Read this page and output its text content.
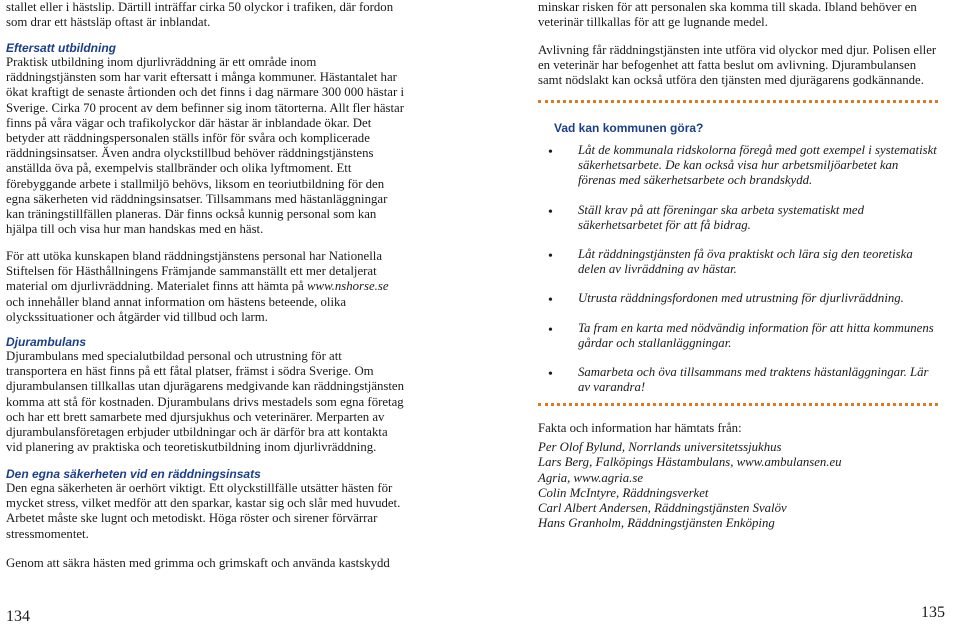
stallet eller i hästslip. Därtill inträffar cirka 50 olyckor i trafiken, där fordon

som drar ett hästsläp oftast är inblandat.

Eftersatt utbildning

Praktisk utbildning inom djurlivräddning är ett område inom räddningstjänsten som har varit eftersatt i många kommuner. Hästantalet har ökat kraftigt de senaste årtionden och det finns i dag närmare 300 000 hästar i Sverige. Cirka 70 procent av dem befinner sig inom tätorterna. Allt fler hästar finns på våra vägar och trafikolyckor där hästar är inblandade ökar. Det betyder att räddningspersonalen ställs inför för svåra och komplicerade räddningsinsatser. Även andra olyckstillbud behöver räddningstjänstens anställda öva på, exempelvis stallbränder och olika lyftmoment. Ett förebyggande arbete i stallmiljö behövs, liksom en teoriutbildning för den egna säkerheten vid räddningsinsatser. Tillsammans med hästanläggningar kan träningstillfällen planeras. Där finns också kunnig personal som kan hjälpa till och visa hur man handskas med en häst.

För att utöka kunskapen bland räddningstjänstens personal har Nationella Stiftelsen för Hästhållningens Främjande sammanställt ett mer detaljerat material om djurlivräddning. Materialet finns att hämta på www.nshorse.se och innehåller bland annat information om hästens beteende, olika olyckssituationer och åtgärder vid tillbud och larm.

Djurambulans

Djurambulans med specialutbildad personal och utrustning för att transportera en häst finns på ett fåtal platser, främst i södra Sverige. Om djurambulansen tillkallas utan djurägarens medgivande kan räddningstjänsten komma att stå för kostnaden. Djurambulans drivs mestadels som egna företag och har ett brett samarbete med djursjukhus och veterinärer. Merparten av djurambulansföretagen erbjuder utbildningar och är därför bra att kontakta vid planering av praktiska och teoretiskutbildning inom djurlivräddning.

Den egna säkerheten vid en räddningsinsats

Den egna säkerheten är oerhört viktigt. Ett olyckstillfälle utsätter hästen för mycket stress, vilket medför att den sparkar, kastar sig och slår med huvudet. Arbetet måste ske lugnt och metodiskt. Höga röster och sirener förvärrar stressmomentet.

Genom att säkra hästen med grimma och grimskaft och använda kastskydd

134

minskar risken för att personalen ska komma till skada. Ibland behöver en veterinär tillkallas för att ge lugnande medel.

Avlivning får räddningstjänsten inte utföra vid olyckor med djur. Polisen eller en veterinär har befogenhet att fatta beslut om avlivning. Djurambulansen samt nödslakt kan också utföra den tjänsten med djurägarens godkännande.

Vad kan kommunen göra?
• Låt de kommunala ridskolorna föregå med gott exempel i systematiskt säkerhetsarbete. De kan också visa hur arbetsmiljöarbetet kan förenas med säkerhetsarbete och brandskydd.
• Ställ krav på att föreningar ska arbeta systematiskt med säkerhetsarbetet för att få bidrag.
• Låt räddningstjänsten få öva praktiskt och lära sig den teoretiska delen av livräddning av hästar.
• Utrusta räddningsfordonen med utrustning för djurlivräddning.
• Ta fram en karta med nödvändig information för att hitta kommunens gårdar och stallanläggningar.
• Samarbeta och öva tillsammans med traktens hästanläggningar. Lär av varandra!

Fakta och information har hämtats från:

Per Olof Bylund, Norrlands universitetssjukhus

Lars Berg, Falköpings Hästambulans, www.ambulansen.eu

Agria, www.agria.se

Colin McIntyre, Räddningsverket

Carl Albert Andersen, Räddningstjänsten Svalöv

Hans Granholm, Räddningstjänsten Enköping

135
